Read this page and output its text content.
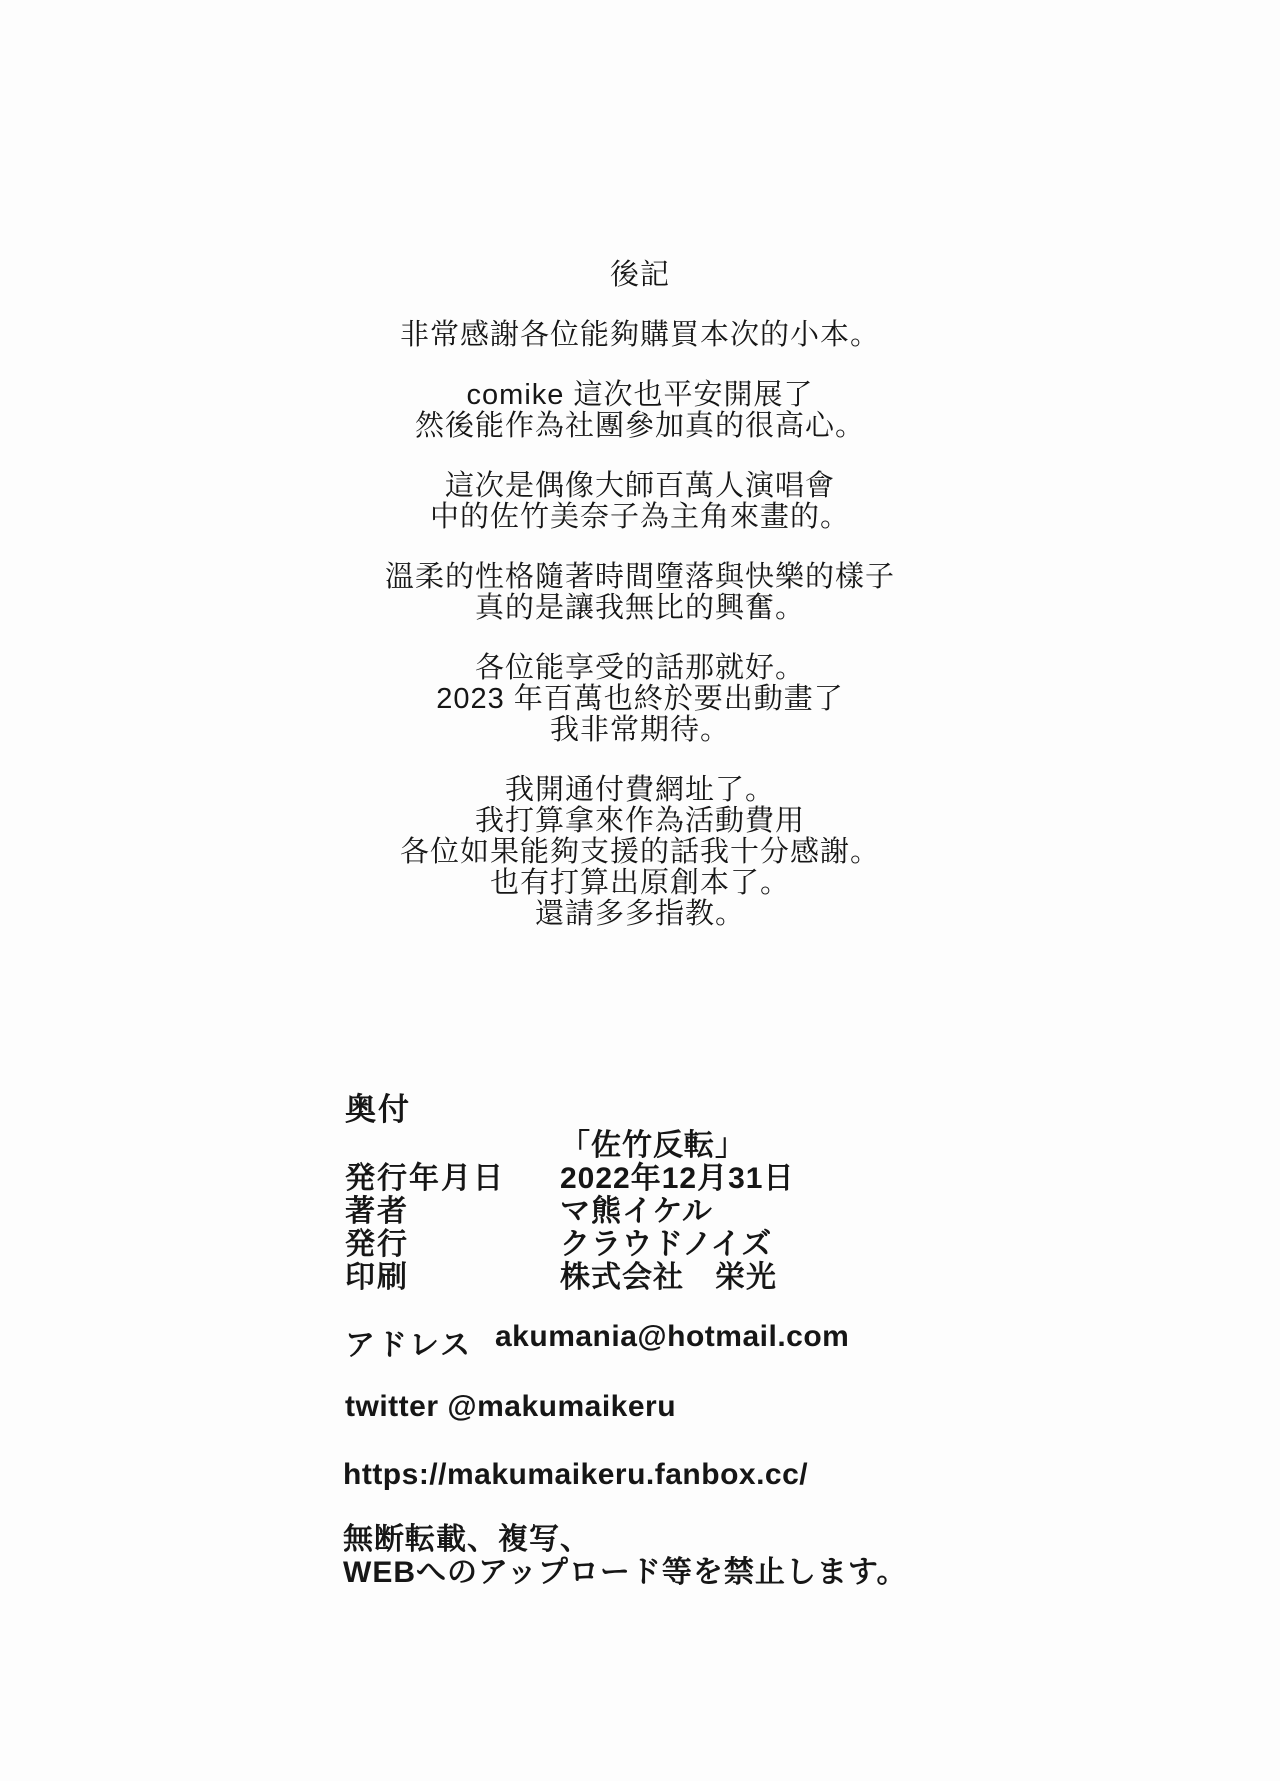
後記

非常感謝各位能夠購買本次的小本。

comike 這次也平安開展了
然後能作為社團參加真的很高心。

這次是偶像大師百萬人演唱會
中的佐竹美奈子為主角來畫的。

溫柔的性格隨著時間墮落與快樂的樣子
真的是讓我無比的興奮。

各位能享受的話那就好。
2023 年百萬也終於要出動畫了
我非常期待。

我開通付費網址了。
我打算拿來作為活動費用
各位如果能夠支援的話我十分感謝。
也有打算出原創本了。
還請多多指教。

奥付
「佐竹反転」
発行年月日	2022年12月31日
著者	マ熊イケル
発行	クラウドノイズ
印刷	株式会社　栄光
アドレス akumania@hotmail.com
twitter @makumaikeru
https://makumaikeru.fanbox.cc/
無断転載、複写、
WEBへのアップロード等を禁止します。
